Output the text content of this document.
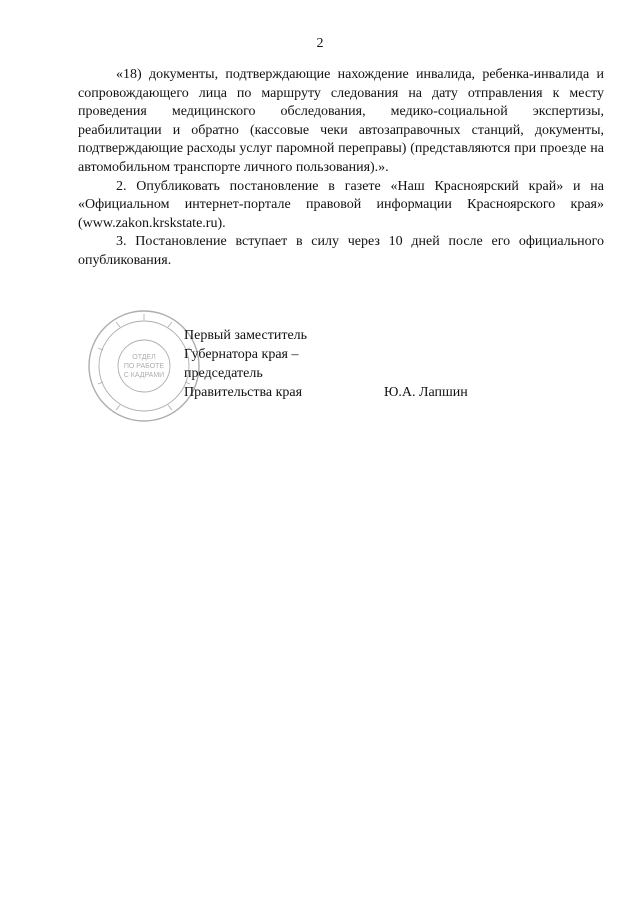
2

«18) документы, подтверждающие нахождение инвалида, ребенка-инвалида и сопровождающего лица по маршруту следования на дату отправления к месту проведения медицинского обследования, медико-социальной экспертизы, реабилитации и обратно (кассовые чеки автозаправочных станций, документы, подтверждающие расходы услуг паромной переправы) (представляются при проезде на автомобильном транспорте личного пользования).».

2. Опубликовать постановление в газете «Наш Красноярский край» и на «Официальном интернет-портале правовой информации Красноярского края» (www.zakon.krskstate.ru).

3. Постановление вступает в силу через 10 дней после его официального опубликования.

ОТДЕЛ
ПО РАБОТЕ
С КАДРАМИ
Первый заместитель
Губернатора края –
председатель
Правительства края	Ю.А. Лапшин
